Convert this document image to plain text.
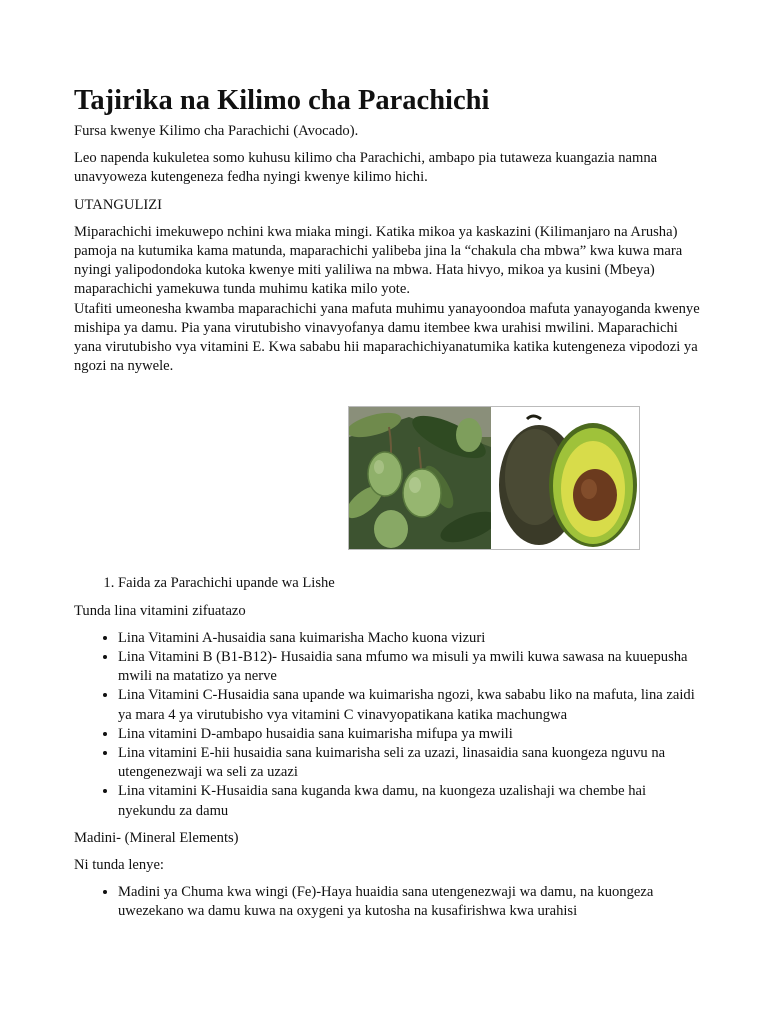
Tajirika na Kilimo cha Parachichi

Fursa kwenye Kilimo cha Parachichi (Avocado).

Leo napenda kukuletea somo kuhusu kilimo cha Parachichi, ambapo pia tutaweza kuangazia namna unavyoweza kutengeneza fedha nyingi kwenye kilimo hichi.

UTANGULIZI

Miparachichi imekuwepo nchini kwa miaka mingi. Katika mikoa ya kaskazini (Kilimanjaro na Arusha) pamoja na kutumika kama matunda, maparachichi yalibeba jina la “chakula cha mbwa” kwa kuwa mara nyingi yalipodondoka kutoka kwenye miti yaliliwa na mbwa. Hata hivyo, mikoa ya kusini (Mbeya) maparachichi yamekuwa tunda muhimu katika milo yote.
Utafiti umeonesha kwamba maparachichi yana mafuta muhimu yanayoondoa mafuta yanayoganda kwenye mishipa ya damu. Pia yana virutubisho vinavyofanya damu itembee kwa urahisi mwilini. Maparachichi yana virutubisho vya vitamini E. Kwa sababu hii maparachichiyanatumika katika kutengeneza vipodozi ya ngozi na nywele.

1. Faida za Parachichi upande wa Lishe

Tunda lina vitamini zifuatazo

• Lina Vitamini A-husaidia sana kuimarisha Macho kuona vizuri
• Lina Vitamini B (B1-B12)- Husaidia sana mfumo wa misuli ya mwili kuwa sawasa na kuuepusha mwili na matatizo ya nerve
• Lina Vitamini C-Husaidia sana upande wa kuimarisha ngozi, kwa sababu liko na mafuta, lina zaidi ya mara 4 ya virutubisho vya vitamini C vinavyopatikana katika machungwa
• Lina vitamini D-ambapo husaidia sana kuimarisha mifupa ya mwili
• Lina vitamini E-hii husaidia sana kuimarisha seli za uzazi, linasaidia sana kuongeza nguvu na utengenezwaji wa seli za uzazi
• Lina vitamini K-Husaidia sana kuganda kwa damu, na kuongeza uzalishaji wa chembe hai nyekundu za damu

Madini- (Mineral Elements)

Ni tunda lenye:

• Madini ya Chuma kwa wingi (Fe)-Haya huaidia sana utengenezwaji wa damu, na kuongeza uwezekano wa damu kuwa na oxygeni ya kutosha na kusafirishwa kwa urahisi
